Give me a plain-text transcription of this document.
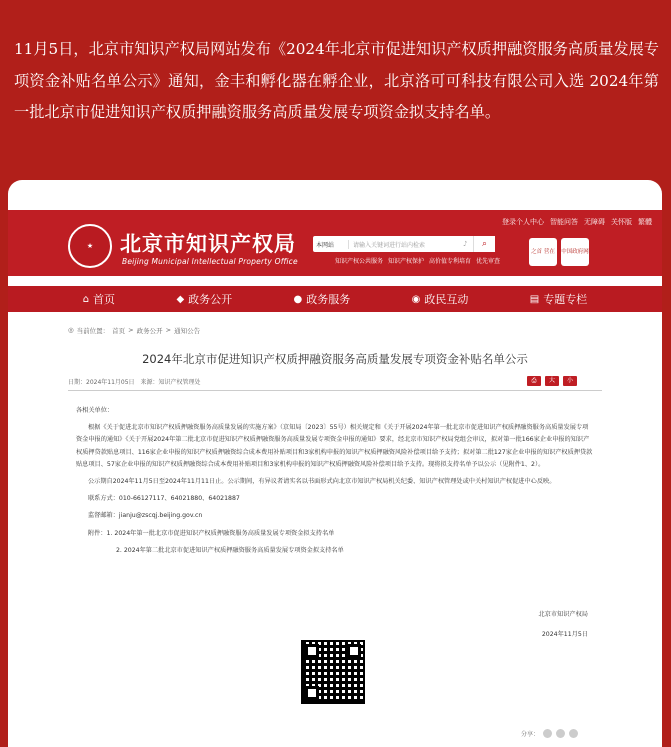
11月5日，北京市知识产权局网站发布《2024年北京市促进知识产权质押融资服务高质量发展专项资金补贴名单公示》通知，金丰和孵化器在孵企业，北京洛可可科技有限公司入选 2024年第一批北京市促进知识产权质押融资服务高质量发展专项资金拟支持名单。
登录个人中心 智能问答 无障碍 关怀版 繁體
★	北京市知识产权局
Beijing Municipal Intellectual Property Office
本网站	请输入关键词进行站内检索	♪	⌕
知识产权公共服务 知识产权保护 高价值专利培育 优先审查
之首 营在	中国政府网
⌂ 首页	◆ 政务公开	● 政务服务	◉ 政民互动	▤ 专题专栏
◎ 当前位置： 首页 > 政务公开 > 通知公告
2024年北京市促进知识产权质押融资服务高质量发展专项资金补贴名单公示
日期：2024年11月05日 来源：知识产权管理处	⎙	大	小

各相关单位：

根据《关于促进北京市知识产权质押融资服务高质量发展的实施方案》（京知局〔2023〕55号）相关规定和《关于开展2024年第一批北京市促进知识产权质押融资服务高质量发展专项资金申报的通知》《关于开展2024年第二批北京市促进知识产权质押融资服务高质量发展专项资金申报的通知》要求，经北京市知识产权局党组会审议，拟对第一批166家企业申报的知识产权质押贷款贴息项目、116家企业申报的知识产权质押融资综合成本费用补贴项目和3家机构申报的知识产权质押融资风险补偿项目给予支持；拟对第二批127家企业申报的知识产权质押贷款贴息项目、57家企业申报的知识产权质押融资综合成本费用补贴项目和3家机构申报的知识产权质押融资风险补偿项目给予支持。现将拟支持名单予以公示（见附件1、2）。

公示期自2024年11月5日至2024年11月11日止。公示期间，有异议者请实名以书面形式向北京市知识产权局机关纪委、知识产权管理处或中关村知识产权促进中心反映。

联系方式：010-66127117、64021880、64021887

监督邮箱：jianju@zscqj.beijing.gov.cn

附件：1. 2024年第一批北京市促进知识产权质押融资服务高质量发展专项资金拟支持名单

2. 2024年第二批北京市促进知识产权质押融资服务高质量发展专项资金拟支持名单

北京市知识产权局
2024年11月5日
分享：
